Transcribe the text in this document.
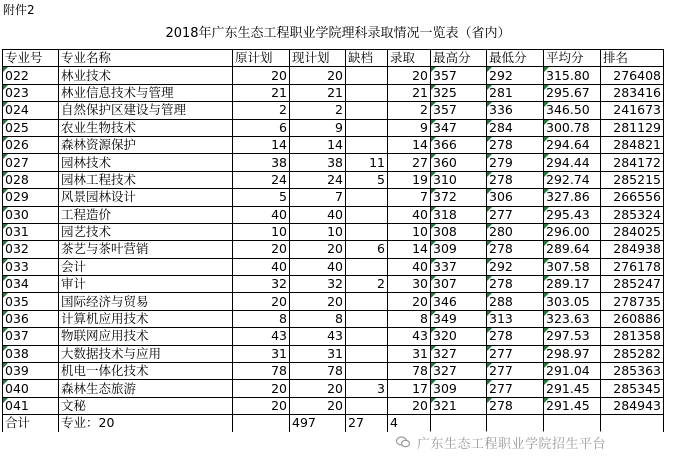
附件2
2018年广东生态工程职业学院理科录取情况一览表（省内）
专业号	专业名称	原计划	现计划	缺档	录取	最高分	最低分	平均分	排名
022	林业技术	20	20		20	357	292	315.80	276408
023	林业信息技术与管理	21	21		21	325	281	295.67	283416
024	自然保护区建设与管理	2	2		2	357	336	346.50	241673
025	农业生物技术	6	9		9	347	284	300.78	281129
026	森林资源保护	14	14		14	366	278	294.64	284821
027	园林技术	38	38	11	27	360	279	294.44	284172
028	园林工程技术	24	24	5	19	310	278	292.74	285215
029	风景园林设计	5	7		7	372	306	327.86	266556
030	工程造价	40	40		40	318	277	295.43	285324
031	园艺技术	10	10		10	308	280	296.00	284025
032	茶艺与茶叶营销	20	20	6	14	309	278	289.64	284938
033	会计	40	40		40	337	292	307.58	276178
034	审计	32	32	2	30	307	278	289.17	285247
035	国际经济与贸易	20	20		20	346	288	303.05	278735
036	计算机应用技术	8	8		8	349	313	323.63	260886
037	物联网应用技术	43	43		43	320	278	297.53	281358
038	大数据技术与应用	31	31		31	327	277	298.97	285282
039	机电一体化技术	78	78		78	327	277	291.04	285363
040	森林生态旅游	20	20	3	17	309	277	291.45	285345
041	文秘	20	20		20	321	278	291.45	284943
合计	专业：20		497	27	4				
广东生态工程职业学院招生平台
